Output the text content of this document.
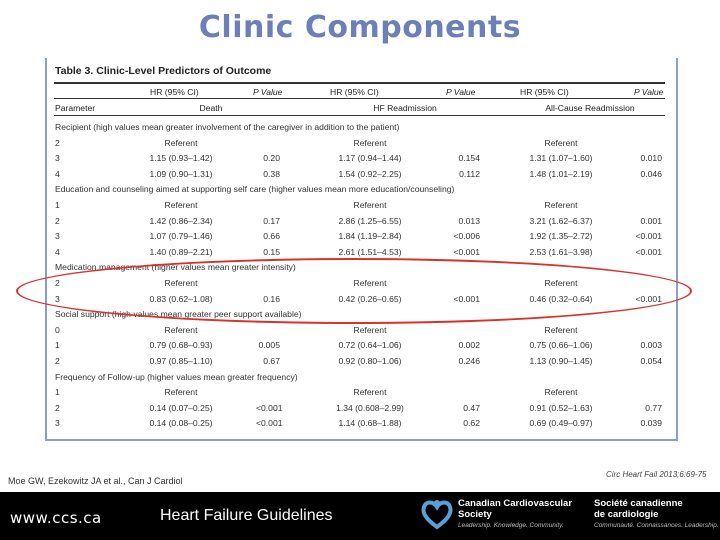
Clinic Components
Table 3. Clinic-Level Predictors of Outcome
HR (95% CI)	P Value	HR (95% CI)	P Value	HR (95% CI)	P Value
Parameter	Death	HF Readmission	All-Cause Readmission
Recipient (high values mean greater involvement of the caregiver in addition to the patient)
2	Referent	Referent	Referent
3	1.15 (0.93–1.42)	0.20	1.17 (0.94–1.44)	0.154	1.31 (1.07–1.60)	0.010
4	1.09 (0.90–1.31)	0.38	1.54 (0.92–2.25)	0.112	1.48 (1.01–2.19)	0.046
Education and counseling aimed at supporting self care (higher values mean more education/counseling)
1	Referent	Referent	Referent
2	1.42 (0.86–2.34)	0.17	2.86 (1.25–6.55)	0.013	3.21 (1.62–6.37)	0.001
3	1.07 (0.79–1.46)	0.66	1.84 (1.19–2.84)	<0.006	1.92 (1.35–2.72)	<0.001
4	1.40 (0.89–2.21)	0.15	2.61 (1.51–4.53)	<0.001	2.53 (1.61–3.98)	<0.001
Medication management (higher values mean greater intensity)
2	Referent	Referent	Referent
3	0.83 (0.62–1.08)	0.16	0.42 (0.26–0.65)	<0.001	0.46 (0.32–0.64)	<0.001
Social support (high values mean greater peer support available)
0	Referent	Referent	Referent
1	0.79 (0.68–0.93)	0.005	0.72 (0.64–1.06)	0.002	0.75 (0.66–1.06)	0.003
2	0.97 (0.85–1.10)	0.67	0.92 (0.80–1.06)	0.246	1.13 (0.90–1.45)	0.054
Frequency of Follow-up (higher values mean greater frequency)
1	Referent	Referent	Referent
2	0.14 (0.07–0.25)	<0.001	1.34 (0.608–2.99)	0.47	0.91 (0.52–1.63)	0.77
3	0.14 (0.08–0.25)	<0.001	1.14 (0.68–1.88)	0.62	0.69 (0.49–0.97)	0.039
Moe GW, Ezekowitz JA et al., Can J Cardiol
Circ Heart Fail 2013;6:69-75
www.ccs.ca	Heart Failure Guidelines
Canadian Cardiovascular
Society
Leadership. Knowledge. Community.
Société canadienne
de cardiologie
Communauté. Connaissances. Leadership.
